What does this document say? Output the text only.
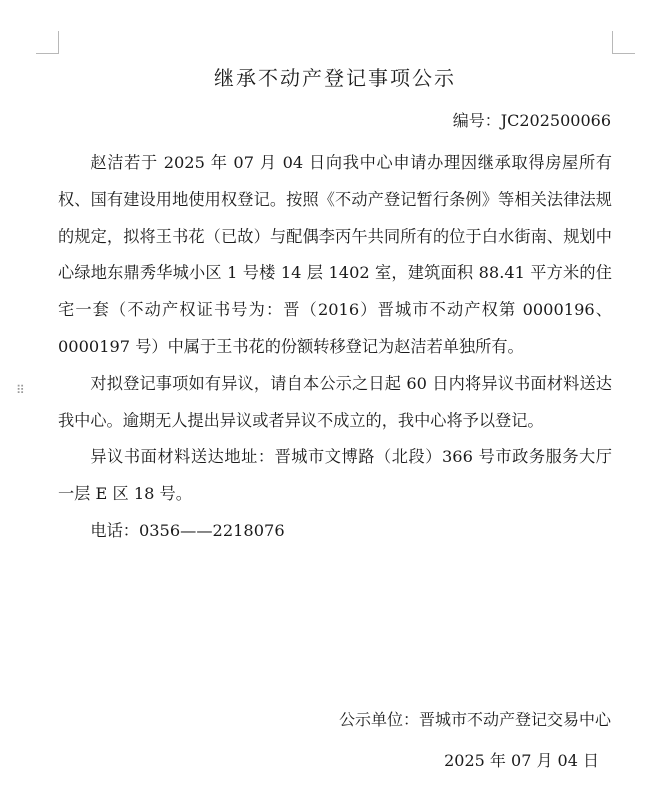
⠿
继承不动产登记事项公示
编号：JC202500066

赵洁若于 2025 年 07 月 04 日向我中心申请办理因继承取得房屋所有权、国有建设用地使用权登记。按照《不动产登记暂行条例》等相关法律法规的规定，拟将王书花（已故）与配偶李丙午共同所有的位于白水街南、规划中心绿地东鼎秀华城小区 1 号楼 14 层 1402 室，建筑面积 88.41 平方米的住宅一套（不动产权证书号为：晋（2016）晋城市不动产权第 0000196、0000197 号）中属于王书花的份额转移登记为赵洁若单独所有。

对拟登记事项如有异议，请自本公示之日起 60 日内将异议书面材料送达我中心。逾期无人提出异议或者异议不成立的，我中心将予以登记。

异议书面材料送达地址：晋城市文博路（北段）366 号市政务服务大厅一层 E 区 18 号。

电话：0356——2218076

公示单位：晋城市不动产登记交易中心
2025 年 07 月 04 日
